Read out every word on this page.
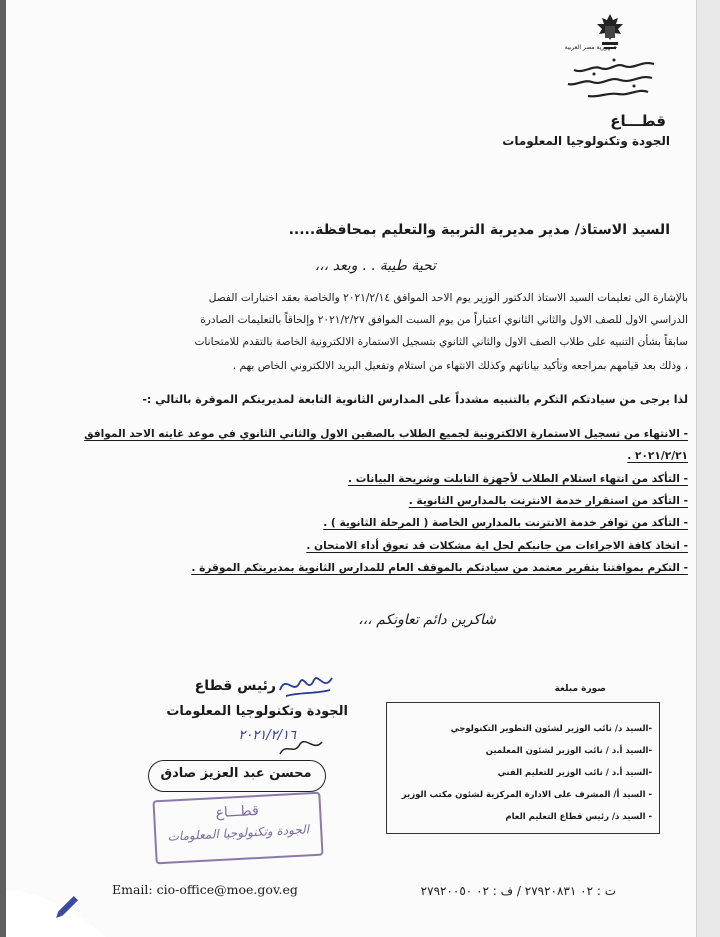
جمهورية مصر العربية
قطـــاع
الجودة وتكنولوجيا المعلومات
السيد الاستاذ/ مدير مديرية التربية والتعليم بمحافظة.....
تحية طيبة . . وبعد ،،،
بالإشارة الى تعليمات السيد الاستاذ الدكتور الوزير يوم الاحد الموافق ٢٠٢١/٢/١٤ والخاصة بعقد اختبارات الفصل
الدراسي الاول للصف الاول والثاني الثانوي اعتباراً من يوم السبت الموافق ٢٠٢١/٢/٢٧ وإلحاقاً بالتعليمات الصادرة
سابقاً بشأن التنبيه على طلاب الصف الاول والثاني الثانوي بتسجيل الاستمارة الالكترونية الخاصة بالتقدم للامتحانات
، وذلك بعد قيامهم بمراجعه وتأكيد بياناتهم وكذلك الانتهاء من استلام وتفعيل البريد الالكتروني الخاص بهم .
لذا يرجى من سيادتكم التكرم بالتنبيه مشدداً على المدارس الثانوية التابعة لمديريتكم الموقرة بالتالي :-
- الانتهاء من تسجيل الاستمارة الالكترونية لجميع الطلاب بالصفين الاول والثاني الثانوي في موعد غايته الاحد الموافق
٢٠٢١/٢/٢١ .
- التأكد من انتهاء استلام الطلاب لأجهزة التابلت وشريحة البيانات .
- التأكد من استقرار خدمة الانترنت بالمدارس الثانوية .
- التأكد من توافر خدمة الانترنت بالمدارس الخاصة ( المرحلة الثانوية ) .
- اتخاذ كافة الاجراءات من جانبكم لحل اية مشكلات قد تعوق أداء الامتحان .
- التكرم بموافتنا بتقرير معتمد من سيادتكم بالموقف العام للمدارس الثانوية بمديريتكم الموقرة .
شاكرين دائم تعاونكم ،،،
رئيس قطاع
الجودة وتكنولوجيا المعلومات
٢٠٢١/٢/١٦
محسن عبد العزيز صادق
قطـــاع
الجودة وتكنولوجيا المعلومات
صورة مبلغة
-السيد د/ نائب الوزير لشئون التطوير التكنولوجي
-السيد أ.د / نائب الوزير لشئون المعلمين
-السيد أ.د / نائب الوزير للتعليم الفني
- السيد أ/ المشرف على الادارة المركزية لشئون مكتب الوزير
- السيد د/ رئيس قطاع التعليم العام
Email: cio-office@moe.gov.eg	ت : ٠٢ ٢٧٩٢٠٨٣١ / ف : ٠٢ ٢٧٩٢٠٠٥٠
